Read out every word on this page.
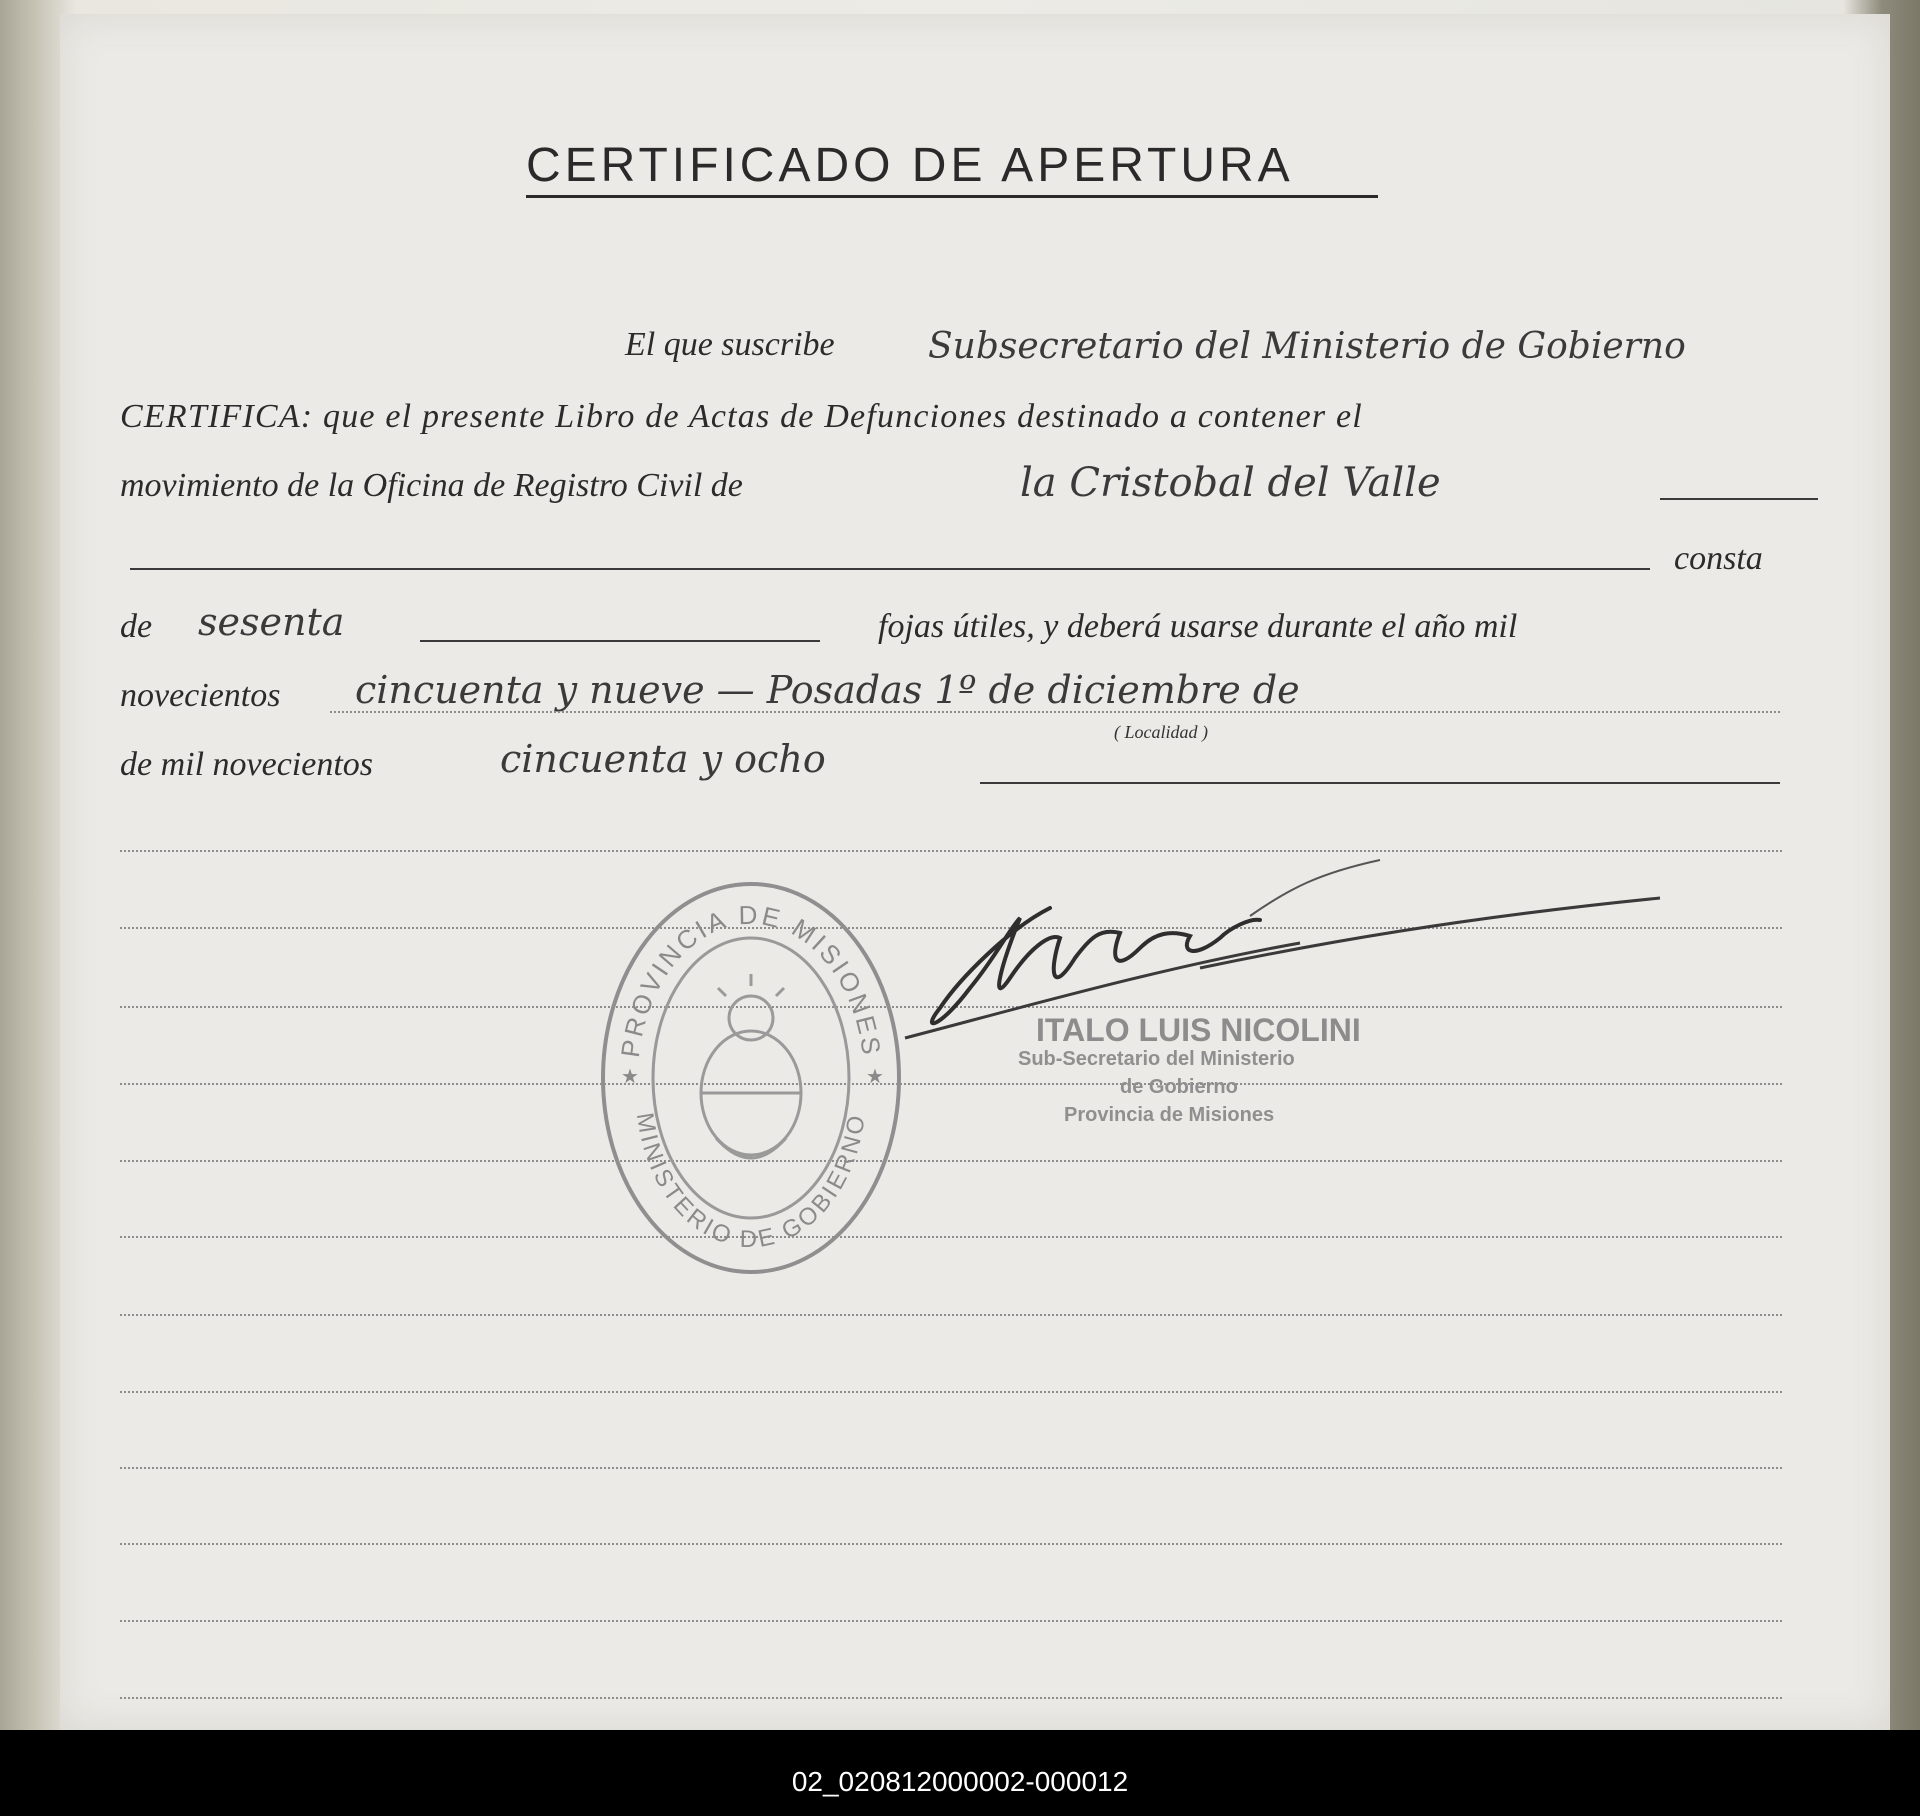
CERTIFICADO DE APERTURA
El que suscribe	Subsecretario del Ministerio de Gobierno
CERTIFICA: que el presente Libro de Actas de Defunciones destinado a contener el
movimiento de la Oficina de Registro Civil de	la Cristobal del Valle
consta
de sesenta	fojas útiles, y deberá usarse durante el año mil
novecientos cincuenta y nueve — Posadas 1º de diciembre de
( Localidad )
de mil novecientos	cincuenta y ocho
PROVINCIA DE MISIONES
MINISTERIO DE GOBIERNO
★	★
ITALO LUIS NICOLINI
Sub-Secretario del Ministerio
de Gobierno
Provincia de Misiones
02_020812000002-000012
